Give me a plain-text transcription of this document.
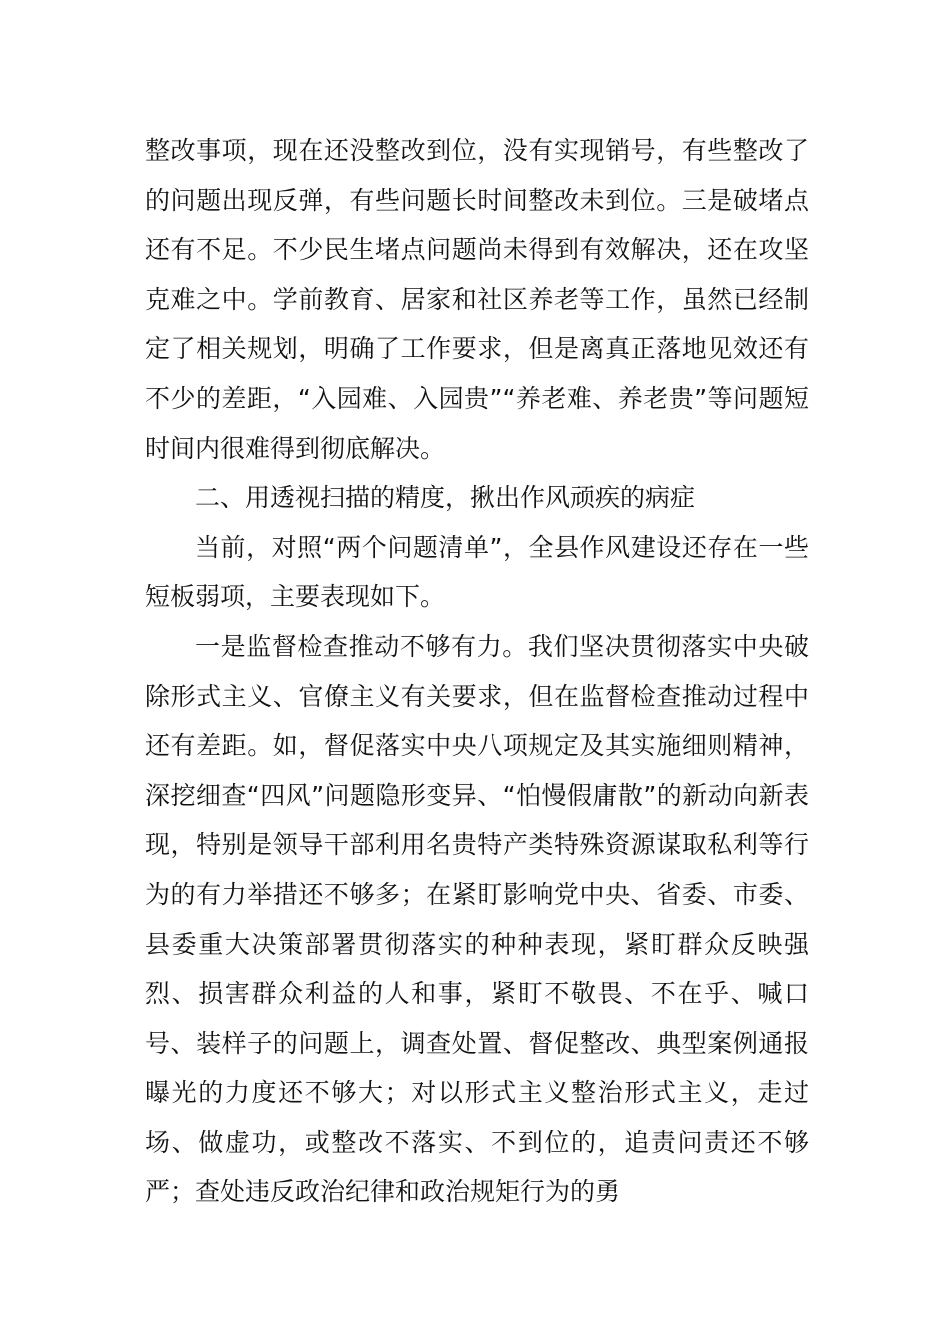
整改事项，现在还没整改到位，没有实现销号，有些整改了的问题出现反弹，有些问题长时间整改未到位。三是破堵点还有不足。不少民生堵点问题尚未得到有效解决，还在攻坚克难之中。学前教育、居家和社区养老等工作，虽然已经制定了相关规划，明确了工作要求，但是离真正落地见效还有不少的差距，“入园难、入园贵”“养老难、养老贵”等问题短时间内很难得到彻底解决。

二、用透视扫描的精度，揪出作风顽疾的病症

当前，对照“两个问题清单”，全县作风建设还存在一些短板弱项，主要表现如下。

一是监督检查推动不够有力。我们坚决贯彻落实中央破除形式主义、官僚主义有关要求，但在监督检查推动过程中还有差距。如，督促落实中央八项规定及其实施细则精神，深挖细查“四风”问题隐形变异、“怕慢假庸散”的新动向新表现，特别是领导干部利用名贵特产类特殊资源谋取私利等行为的有力举措还不够多；在紧盯影响党中央、省委、市委、县委重大决策部署贯彻落实的种种表现，紧盯群众反映强烈、损害群众利益的人和事，紧盯不敬畏、不在乎、喊口号、装样子的问题上，调查处置、督促整改、典型案例通报曝光的力度还不够大；对以形式主义整治形式主义，走过场、做虚功，或整改不落实、不到位的，追责问责还不够严；查处违反政治纪律和政治规矩行为的勇
